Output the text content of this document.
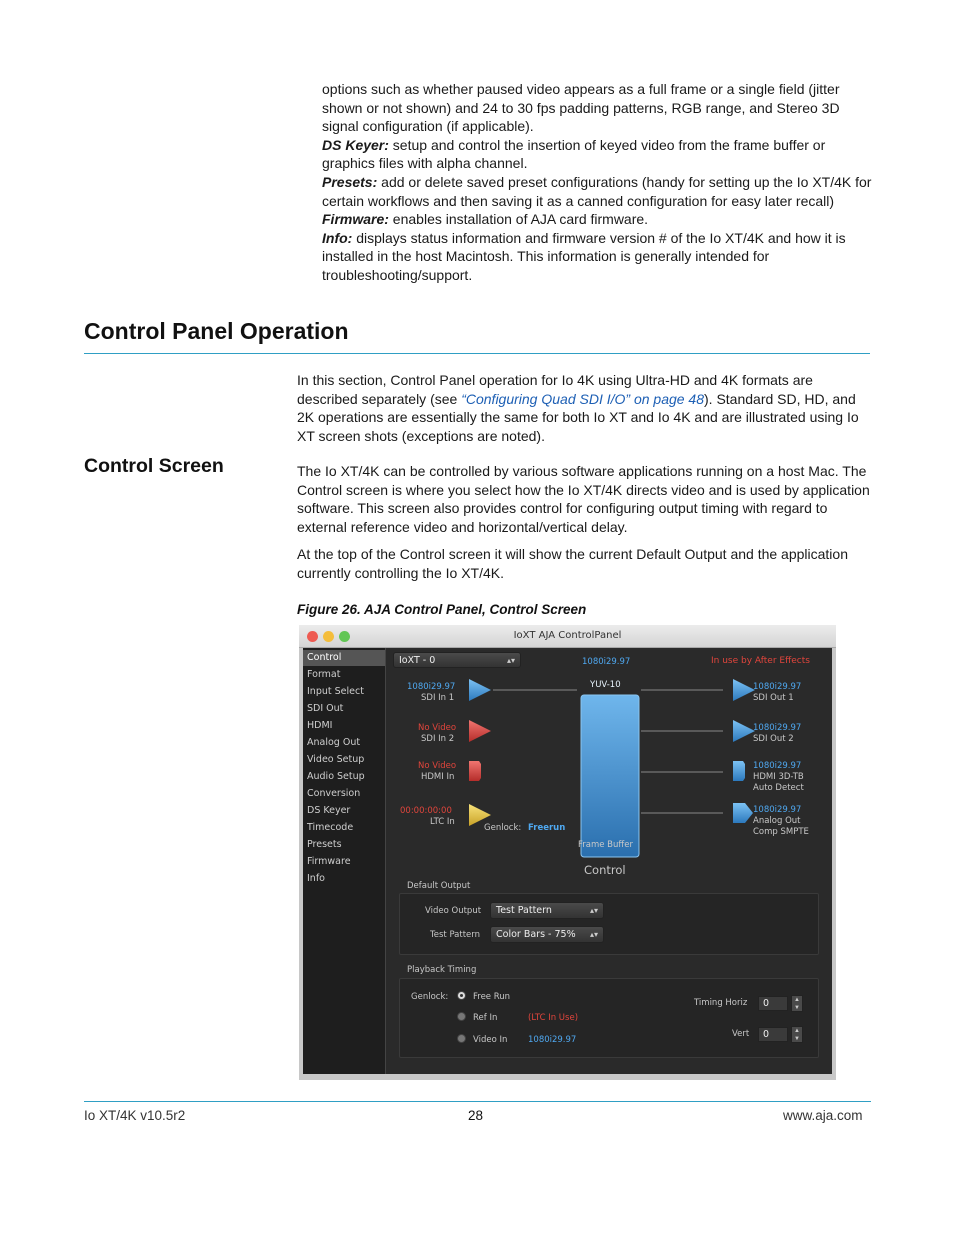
options such as whether paused video appears as a full frame or a single field (jitter shown or not shown) and 24 to 30 fps padding patterns, RGB range, and Stereo 3D signal configuration (if applicable).

DS Keyer: setup and control the insertion of keyed video from the frame buffer or graphics files with alpha channel.

Presets: add or delete saved preset configurations (handy for setting up the Io XT/4K for certain workflows and then saving it as a canned configuration for easy later recall)

Firmware: enables installation of AJA card firmware.

Info: displays status information and firmware version # of the Io XT/4K and how it is installed in the host Macintosh. This information is generally intended for troubleshooting/support.

Control Panel Operation

In this section, Control Panel operation for Io 4K using Ultra-HD and 4K formats are described separately (see “Configuring Quad SDI I/O” on page 48). Standard SD, HD, and 2K operations are essentially the same for both Io XT and Io 4K and are illustrated using Io XT screen shots (exceptions are noted).

Control Screen	The Io XT/4K can be controlled by various software applications running on a host Mac. The Control screen is where you select how the Io XT/4K directs video and is used by application software. This screen also provides control for configuring output timing with regard to external reference video and horizontal/vertical delay.

At the top of the Control screen it will show the current Default Output and the application currently controlling the Io XT/4K.

Figure 26. AJA Control Panel, Control Screen
IoXT AJA ControlPanel
Control
Format
Input Select
SDI Out
HDMI
Analog Out
Video Setup
Audio Setup
Conversion
DS Keyer
Timecode
Presets
Firmware
Info
IoXT - 0	▴▾	In use by After Effects
1080i29.97
YUV-10
Frame Buffer
Control
1080i29.97
SDI In 1
No Video
SDI In 2
No Video
HDMI In
00:00:00:00
LTC In
Genlock: Freerun
1080i29.97
SDI Out 1
1080i29.97
SDI Out 2
1080i29.97
HDMI 3D-TB
Auto Detect
1080i29.97
Analog Out
Comp SMPTE
Default Output
Video Output	Test Pattern	▴▾
Test Pattern	Color Bars - 75% ▴▾
Playback Timing
Genlock:	Free Run
Ref In	(LTC In Use)
Video In 1080i29.97
Timing Horiz	0	▲
▼
Vert	0	▲
▼
Io XT/4K v10.5r2	28	www.aja.com
